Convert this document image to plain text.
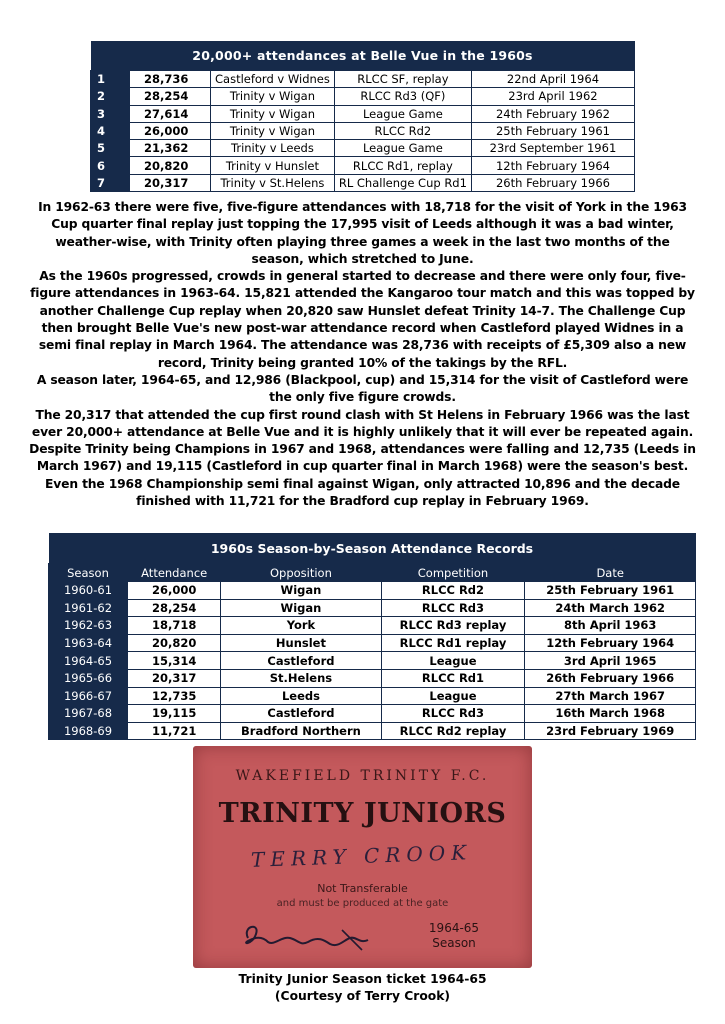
20,000+ attendances at Belle Vue in the 1960s				
1	28,736	Castleford v Widnes	RLCC SF, replay	22nd April 1964
2	28,254	Trinity v Wigan	RLCC Rd3 (QF)	23rd April 1962
3	27,614	Trinity v Wigan	League Game	24th February 1962
4	26,000	Trinity v Wigan	RLCC Rd2	25th February 1961
5	21,362	Trinity v Leeds	League Game	23rd September 1961
6	20,820	Trinity v Hunslet	RLCC Rd1, replay	12th February 1964
7	20,317	Trinity v St.Helens	RL Challenge Cup Rd1	26th February 1966

In 1962-63 there were five, five-figure attendances with 18,718 for the visit of York in the 1963 Cup quarter final replay just topping the 17,995 visit of Leeds although it was a bad winter, weather-wise, with Trinity often playing three games a week in the last two months of the season, which stretched to June.

As the 1960s progressed, crowds in general started to decrease and there were only four, five-figure attendances in 1963-64. 15,821 attended the Kangaroo tour match and this was topped by another Challenge Cup replay when 20,820 saw Hunslet defeat Trinity 14-7. The Challenge Cup then brought Belle Vue's new post-war attendance record when Castleford played Widnes in a semi final replay in March 1964. The attendance was 28,736 with receipts of £5,309 also a new record, Trinity being granted 10% of the takings by the RFL.

A season later, 1964-65, and 12,986 (Blackpool, cup) and 15,314 for the visit of Castleford were the only five figure crowds.

The 20,317 that attended the cup first round clash with St Helens in February 1966 was the last ever 20,000+ attendance at Belle Vue and it is highly unlikely that it will ever be repeated again. Despite Trinity being Champions in 1967 and 1968, attendances were falling and 12,735 (Leeds in March 1967) and 19,115 (Castleford in cup quarter final in March 1968) were the season's best. Even the 1968 Championship semi final against Wigan, only attracted 10,896 and the decade finished with 11,721 for the Bradford cup replay in February 1969.

1960s Season-by-Season Attendance Records				
Season	Attendance	Opposition	Competition	Date
1960-61	26,000	Wigan	RLCC Rd2	25th February 1961
1961-62	28,254	Wigan	RLCC Rd3	24th March 1962
1962-63	18,718	York	RLCC Rd3 replay	8th April 1963
1963-64	20,820	Hunslet	RLCC Rd1 replay	12th February 1964
1964-65	15,314	Castleford	League	3rd April 1965
1965-66	20,317	St.Helens	RLCC Rd1	26th February 1966
1966-67	12,735	Leeds	League	27th March 1967
1967-68	19,115	Castleford	RLCC Rd3	16th March 1968
1968-69	11,721	Bradford Northern	RLCC Rd2 replay	23rd February 1969
WAKEFIELD TRINITY F.C.
TRINITY JUNIORS
TERRY CROOK
Not Transferable
and must be produced at the gate
1964-65
Season
Trinity Junior Season ticket 1964-65
(Courtesy of Terry Crook)
